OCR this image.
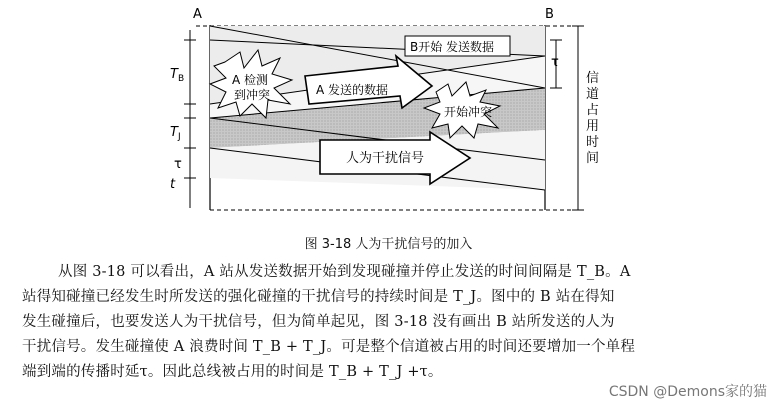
A	B
B开始 发送数据
A 检测
到冲突	A 发送的数据
开始冲突
人为干扰信号
$T_B$
$T_J$
τ
t
τ
信
道
占
用
时
间
图 3-18 人为干扰信号的加入
从图 3-18 可以看出，A 站从发送数据开始到发现碰撞并停止发送的时间间隔是 T_B。A
站得知碰撞已经发生时所发送的强化碰撞的干扰信号的持续时间是 T_J。图中的 B 站在得知
发生碰撞后，也要发送人为干扰信号，但为简单起见，图 3-18 没有画出 B 站所发送的人为
干扰信号。发生碰撞使 A 浪费时间 T_B + T_J。可是整个信道被占用的时间还要增加一个单程
端到端的传播时延τ。因此总线被占用的时间是 T_B + T_J +τ。
CSDN @Demons家的猫
